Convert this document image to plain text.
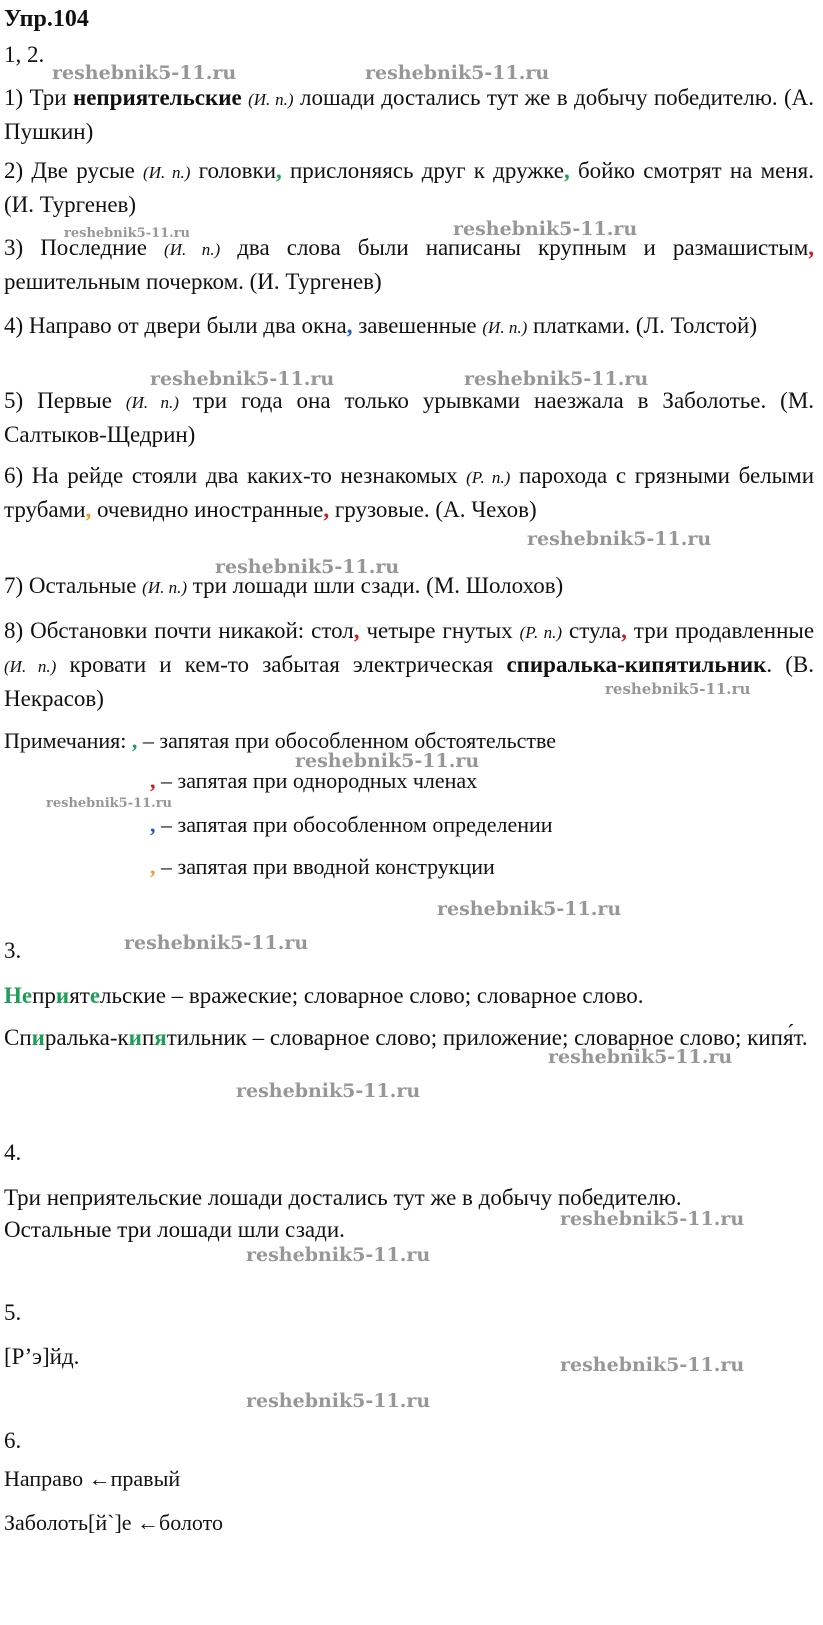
Упр.104
1, 2.
reshebnik5-11.ru	reshebnik5-11.ru
1) Три неприятельские (И. п.) лошади достались тут же в добычу победителю. (А. Пушкин)
2) Две русые (И. п.) головки, прислоняясь друг к дружке, бойко смотрят на меня. (И. Тургенев)
reshebnik5-11.ru	reshebnik5-11.ru
3) Последние (И. п.) два слова были написаны крупным и размашистым, решительным почерком. (И. Тургенев)
4) Направо от двери были два окна, завешенные (И. п.) платками. (Л. Толстой)
reshebnik5-11.ru	reshebnik5-11.ru
5) Первые (И. п.) три года она только урывками наезжала в Заболотье. (М. Салтыков-Щедрин)
6) На рейде стояли два каких-то незнакомых (Р. п.) парохода с грязными белыми трубами, очевидно иностранные, грузовые. (А. Чехов)
reshebnik5-11.ru
reshebnik5-11.ru
7) Остальные (И. п.) три лошади шли сзади. (М. Шолохов)
8) Обстановки почти никакой: стол, четыре гнутых (Р. п.) стула, три продавленные (И. п.) кровати и кем-то забытая электрическая спиралька-кипятильник. (В. Некрасов)	reshebnik5-11.ru
Примечания: , – запятая при обособленном обстоятельстве
reshebnik5-11.ru
, – запятая при однородных членах
reshebnik5-11.ru
, – запятая при обособленном определении
, – запятая при вводной конструкции
reshebnik5-11.ru
3.	reshebnik5-11.ru
Неприятельские – вражеские; словарное слово; словарное слово.
Спиралька-кипятильник – словарное слово; приложение; словарное слово; кипя́т.
reshebnik5-11.ru
reshebnik5-11.ru
4.
Три неприятельские лошади достались тут же в добычу победителю.
Остальные три лошади шли сзади.	reshebnik5-11.ru
reshebnik5-11.ru
5.
[Р’э]йд.	reshebnik5-11.ru
reshebnik5-11.ru
6.
Направо ←правый
Заболоть[й`]е ←болото
